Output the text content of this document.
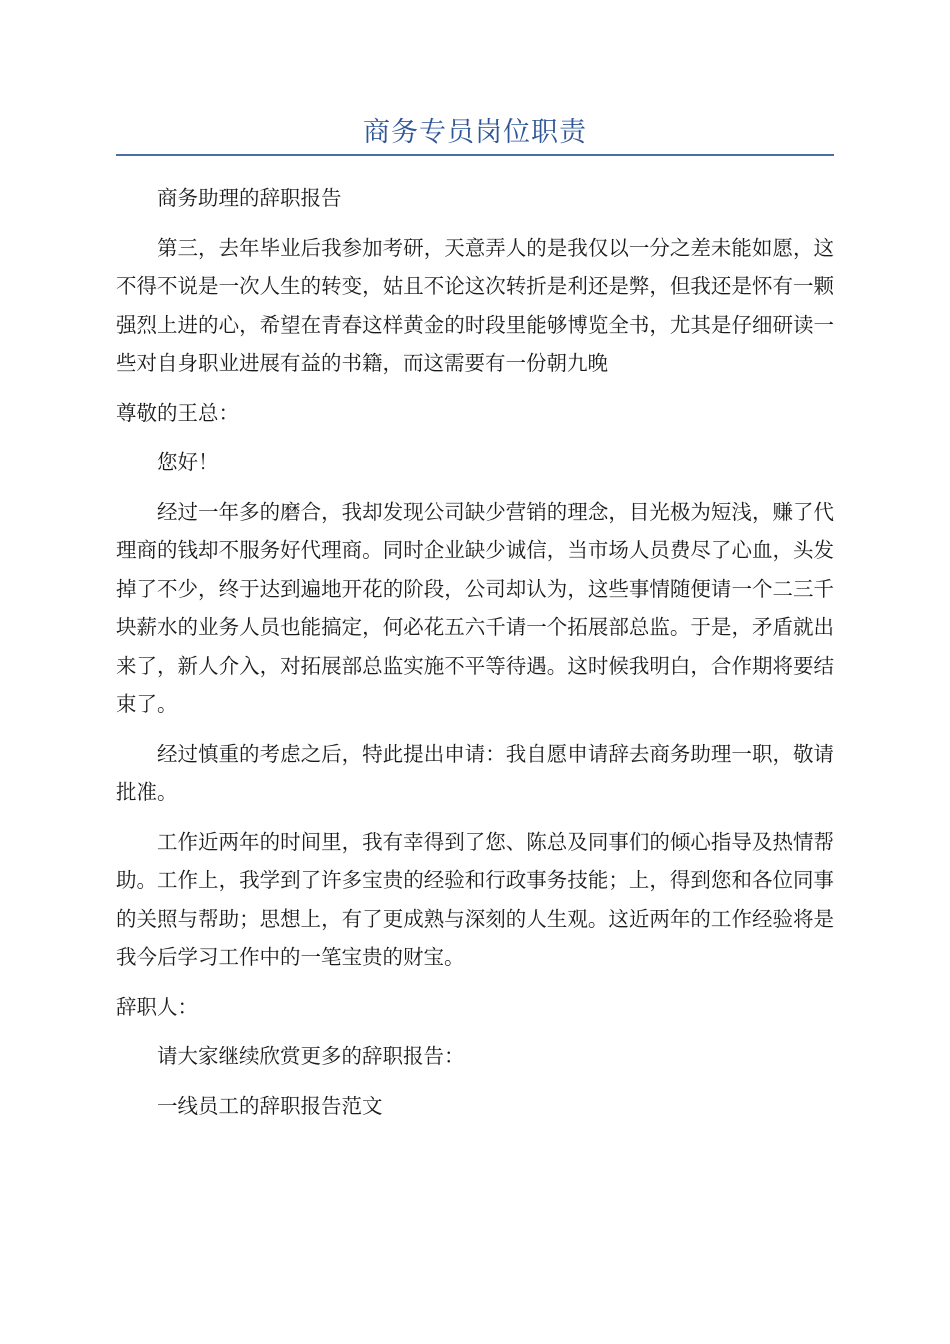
商务专员岗位职责

商务助理的辞职报告

第三，去年毕业后我参加考研，天意弄人的是我仅以一分之差未能如愿，这不得不说是一次人生的转变，姑且不论这次转折是利还是弊，但我还是怀有一颗强烈上进的心，希望在青春这样黄金的时段里能够博览全书，尤其是仔细研读一些对自身职业进展有益的书籍，而这需要有一份朝九晚

尊敬的王总：

您好！

经过一年多的磨合，我却发现公司缺少营销的理念，目光极为短浅，赚了代理商的钱却不服务好代理商。同时企业缺少诚信，当市场人员费尽了心血，头发掉了不少，终于达到遍地开花的阶段，公司却认为，这些事情随便请一个二三千块薪水的业务人员也能搞定，何必花五六千请一个拓展部总监。于是，矛盾就出来了，新人介入，对拓展部总监实施不平等待遇。这时候我明白，合作期将要结束了。

经过慎重的考虑之后，特此提出申请：我自愿申请辞去商务助理一职，敬请批准。

工作近两年的时间里，我有幸得到了您、陈总及同事们的倾心指导及热情帮助。工作上，我学到了许多宝贵的经验和行政事务技能；上，得到您和各位同事的关照与帮助；思想上，有了更成熟与深刻的人生观。这近两年的工作经验将是我今后学习工作中的一笔宝贵的财宝。

辞职人：

请大家继续欣赏更多的辞职报告：

一线员工的辞职报告范文
